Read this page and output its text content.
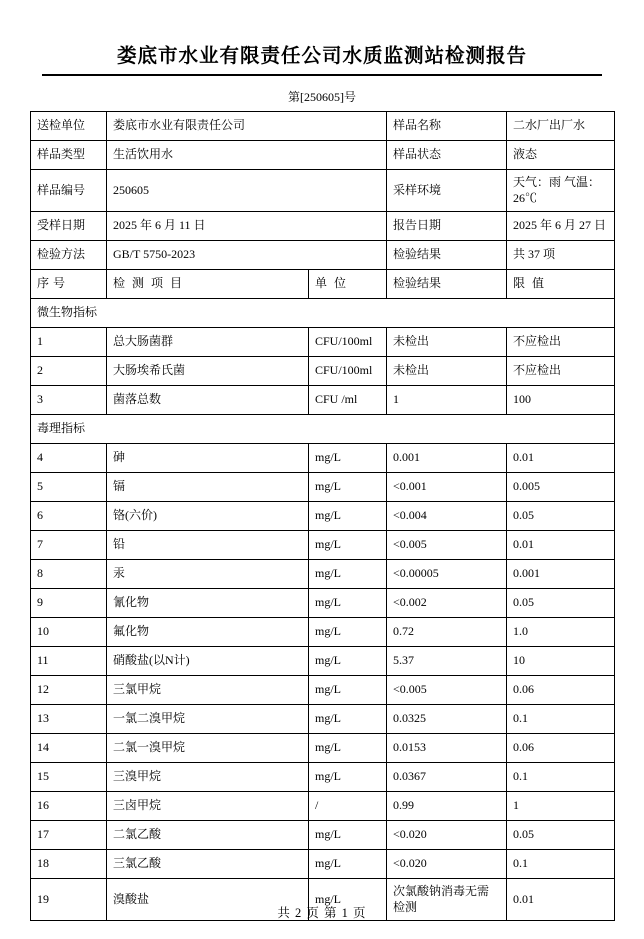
娄底市水业有限责任公司水质监测站检测报告
第[250605]号
送检单位	娄底市水业有限责任公司		样品名称	二水厂出厂水
样品类型	生活饮用水		样品状态	液态
样品编号	250605		采样环境	天气：雨 气温：26℃
受样日期	2025 年 6 月 11 日		报告日期	2025 年 6 月 27 日
检验方法	GB/T 5750-2023		检验结果	共 37 项
序号	检 测 项 目	单 位	检验结果	限 值
微生物指标				
1	总大肠菌群	CFU/100ml	未检出	不应检出
2	大肠埃希氏菌	CFU/100ml	未检出	不应检出
3	菌落总数	CFU /ml	1	100
毒理指标				
4	砷	mg/L	0.001	0.01
5	镉	mg/L	<0.001	0.005
6	铬(六价)	mg/L	<0.004	0.05
7	铅	mg/L	<0.005	0.01
8	汞	mg/L	<0.00005	0.001
9	氰化物	mg/L	<0.002	0.05
10	氟化物	mg/L	0.72	1.0
11	硝酸盐(以N计)	mg/L	5.37	10
12	三氯甲烷	mg/L	<0.005	0.06
13	一氯二溴甲烷	mg/L	0.0325	0.1
14	二氯一溴甲烷	mg/L	0.0153	0.06
15	三溴甲烷	mg/L	0.0367	0.1
16	三卤甲烷	/	0.99	1
17	二氯乙酸	mg/L	<0.020	0.05
18	三氯乙酸	mg/L	<0.020	0.1
19	溴酸盐	mg/L	次氯酸钠消毒无需检测	0.01
共 2 页 第 1 页
